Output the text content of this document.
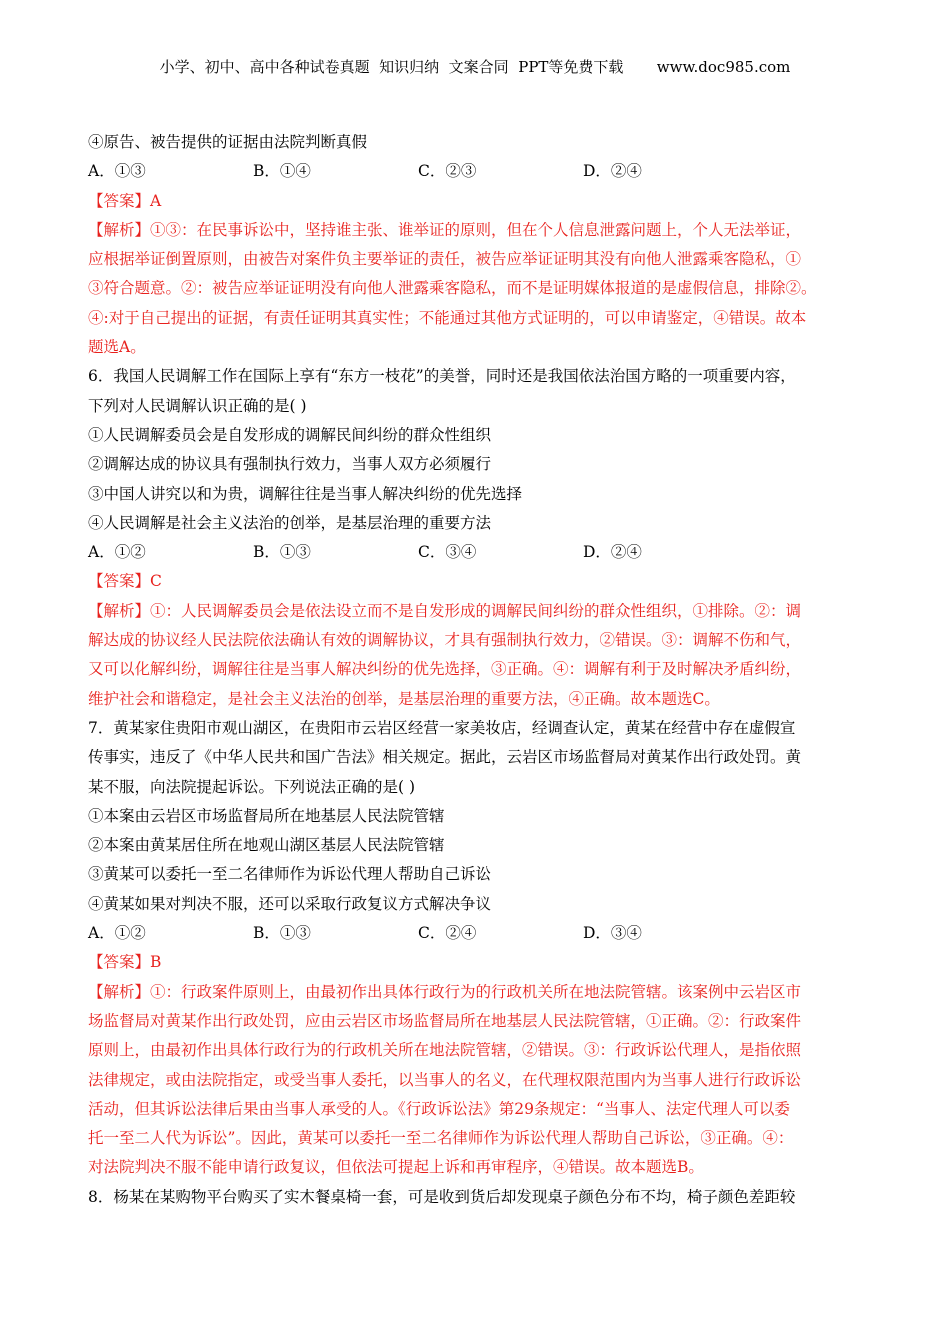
小学、初中、高中各种试卷真题  知识归纳  文案合同  PPT等免费下载       www.doc985.com
④原告、被告提供的证据由法院判断真假
A．①③	B．①④	C．②③	D．②④
【答案】A
【解析】①③：在民事诉讼中，坚持谁主张、谁举证的原则，但在个人信息泄露问题上，个人无法举证，
应根据举证倒置原则，由被告对案件负主要举证的责任，被告应举证证明其没有向他人泄露乘客隐私，①
③符合题意。②：被告应举证证明没有向他人泄露乘客隐私，而不是证明媒体报道的是虚假信息，排除②。
④:对于自己提出的证据，有责任证明其真实性；不能通过其他方式证明的，可以申请鉴定，④错误。故本
题选A。
6．我国人民调解工作在国际上享有“东方一枝花”的美誉，同时还是我国依法治国方略的一项重要内容，
下列对人民调解认识正确的是( )
①人民调解委员会是自发形成的调解民间纠纷的群众性组织
②调解达成的协议具有强制执行效力，当事人双方必须履行
③中国人讲究以和为贵，调解往往是当事人解决纠纷的优先选择
④人民调解是社会主义法治的创举，是基层治理的重要方法
A．①②	B．①③	C．③④	D．②④
【答案】C
【解析】①：人民调解委员会是依法设立而不是自发形成的调解民间纠纷的群众性组织，①排除。②：调
解达成的协议经人民法院依法确认有效的调解协议，才具有强制执行效力，②错误。③：调解不伤和气，
又可以化解纠纷，调解往往是当事人解决纠纷的优先选择，③正确。④：调解有利于及时解决矛盾纠纷，
维护社会和谐稳定，是社会主义法治的创举，是基层治理的重要方法，④正确。故本题选C。
7．黄某家住贵阳市观山湖区，在贵阳市云岩区经营一家美妆店，经调查认定，黄某在经营中存在虚假宣
传事实，违反了《中华人民共和国广告法》相关规定。据此，云岩区市场监督局对黄某作出行政处罚。黄
某不服，向法院提起诉讼。下列说法正确的是( )
①本案由云岩区市场监督局所在地基层人民法院管辖
②本案由黄某居住所在地观山湖区基层人民法院管辖
③黄某可以委托一至二名律师作为诉讼代理人帮助自己诉讼
④黄某如果对判决不服，还可以采取行政复议方式解决争议
A．①②	B．①③	C．②④	D．③④
【答案】B
【解析】①：行政案件原则上，由最初作出具体行政行为的行政机关所在地法院管辖。该案例中云岩区市
场监督局对黄某作出行政处罚，应由云岩区市场监督局所在地基层人民法院管辖，①正确。②：行政案件
原则上，由最初作出具体行政行为的行政机关所在地法院管辖，②错误。③：行政诉讼代理人，是指依照
法律规定，或由法院指定，或受当事人委托，以当事人的名义，在代理权限范围内为当事人进行行政诉讼
活动，但其诉讼法律后果由当事人承受的人。《行政诉讼法》第29条规定：“当事人、法定代理人可以委
托一至二人代为诉讼”。因此，黄某可以委托一至二名律师作为诉讼代理人帮助自己诉讼，③正确。④：
对法院判决不服不能申请行政复议，但依法可提起上诉和再审程序，④错误。故本题选B。
8．杨某在某购物平台购买了实木餐桌椅一套，可是收到货后却发现桌子颜色分布不均，椅子颜色差距较
